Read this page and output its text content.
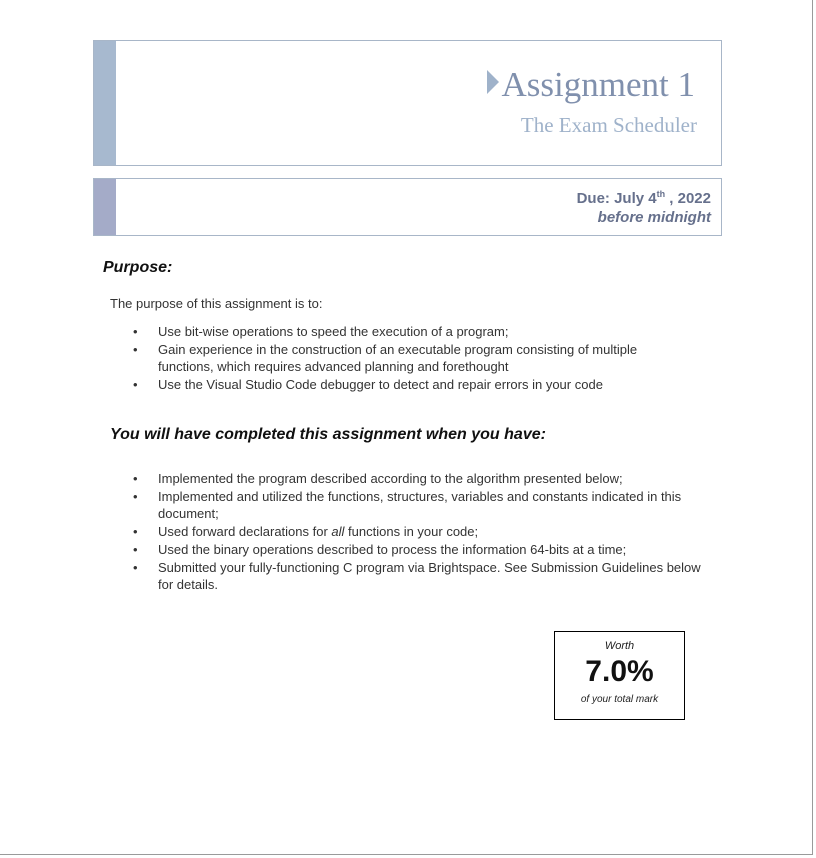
Assignment 1
The Exam Scheduler
Due: July 4th , 2022
before midnight
Purpose:
The purpose of this assignment is to:
• Use bit-wise operations to speed the execution of a program;
• Gain experience in the construction of an executable program consisting of multiple functions, which requires advanced planning and forethought
• Use the Visual Studio Code debugger to detect and repair errors in your code
You will have completed this assignment when you have:
• Implemented the program described according to the algorithm presented below;
• Implemented and utilized the functions, structures, variables and constants indicated in this document;
• Used forward declarations for all functions in your code;
• Used the binary operations described to process the information 64-bits at a time;
• Submitted your fully-functioning C program via Brightspace. See Submission Guidelines below for details.
Worth
7.0%
of your total mark
